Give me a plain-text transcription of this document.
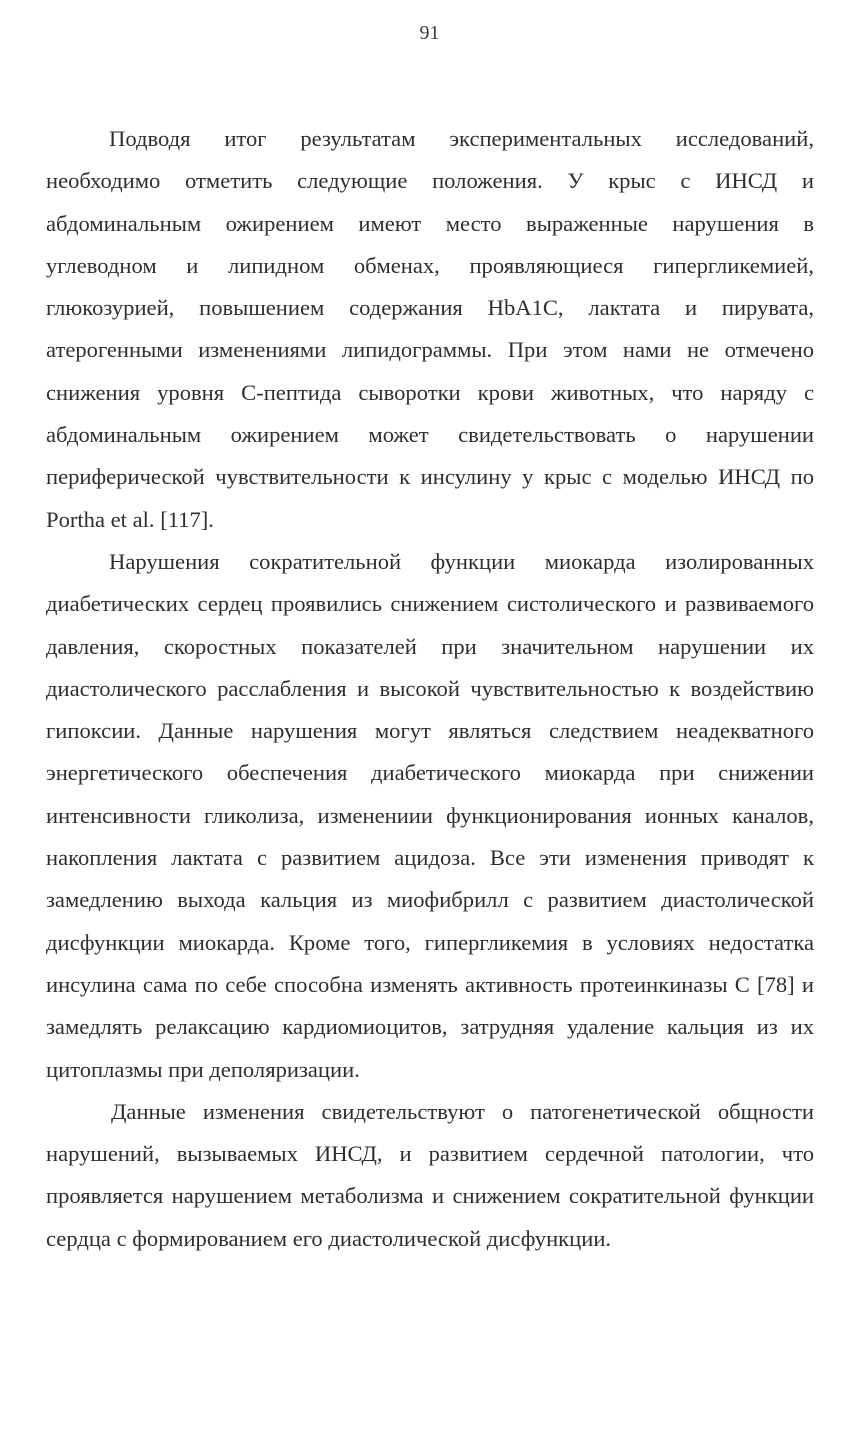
91

Подводя итог результатам экспериментальных исследований, необходимо отметить следующие положения. У крыс с ИНСД и абдоминальным ожирением имеют место выраженные нарушения в углеводном и липидном обменах, проявляющиеся гипергликемией, глюкозурией, повышением содержания HbA1C, лактата и пирувата, атерогенными изменениями липидограммы. При этом нами не отмечено снижения уровня С-пептида сыворотки крови животных, что наряду с абдоминальным ожирением может свидетельствовать о нарушении периферической чувствительности к инсулину у крыс с моделью ИНСД по Portha et al. [117].

Нарушения сократительной функции миокарда изолированных диабетических сердец проявились снижением систолического и развиваемого давления, скоростных показателей при значительном нарушении их диастолического расслабления и высокой чувствительностью к воздействию гипоксии. Данные нарушения могут являться следствием неадекватного энергетического обеспечения диабетического миокарда при снижении интенсивности гликолиза, изменениии функционирования ионных каналов, накопления лактата с развитием ацидоза. Все эти изменения приводят к замедлению выхода кальция из миофибрилл с развитием диастолической дисфункции миокарда. Кроме того, гипергликемия в условиях недостатка инсулина сама по себе способна изменять активность протеинкиназы С [78] и замедлять релаксацию кардиомиоцитов, затрудняя удаление кальция из их цитоплазмы при деполяризации.

Данные изменения свидетельствуют о патогенетической общности нарушений, вызываемых ИНСД, и развитием сердечной патологии, что проявляется нарушением метаболизма и снижением сократительной функции сердца с формированием его диастолической дисфункции.
